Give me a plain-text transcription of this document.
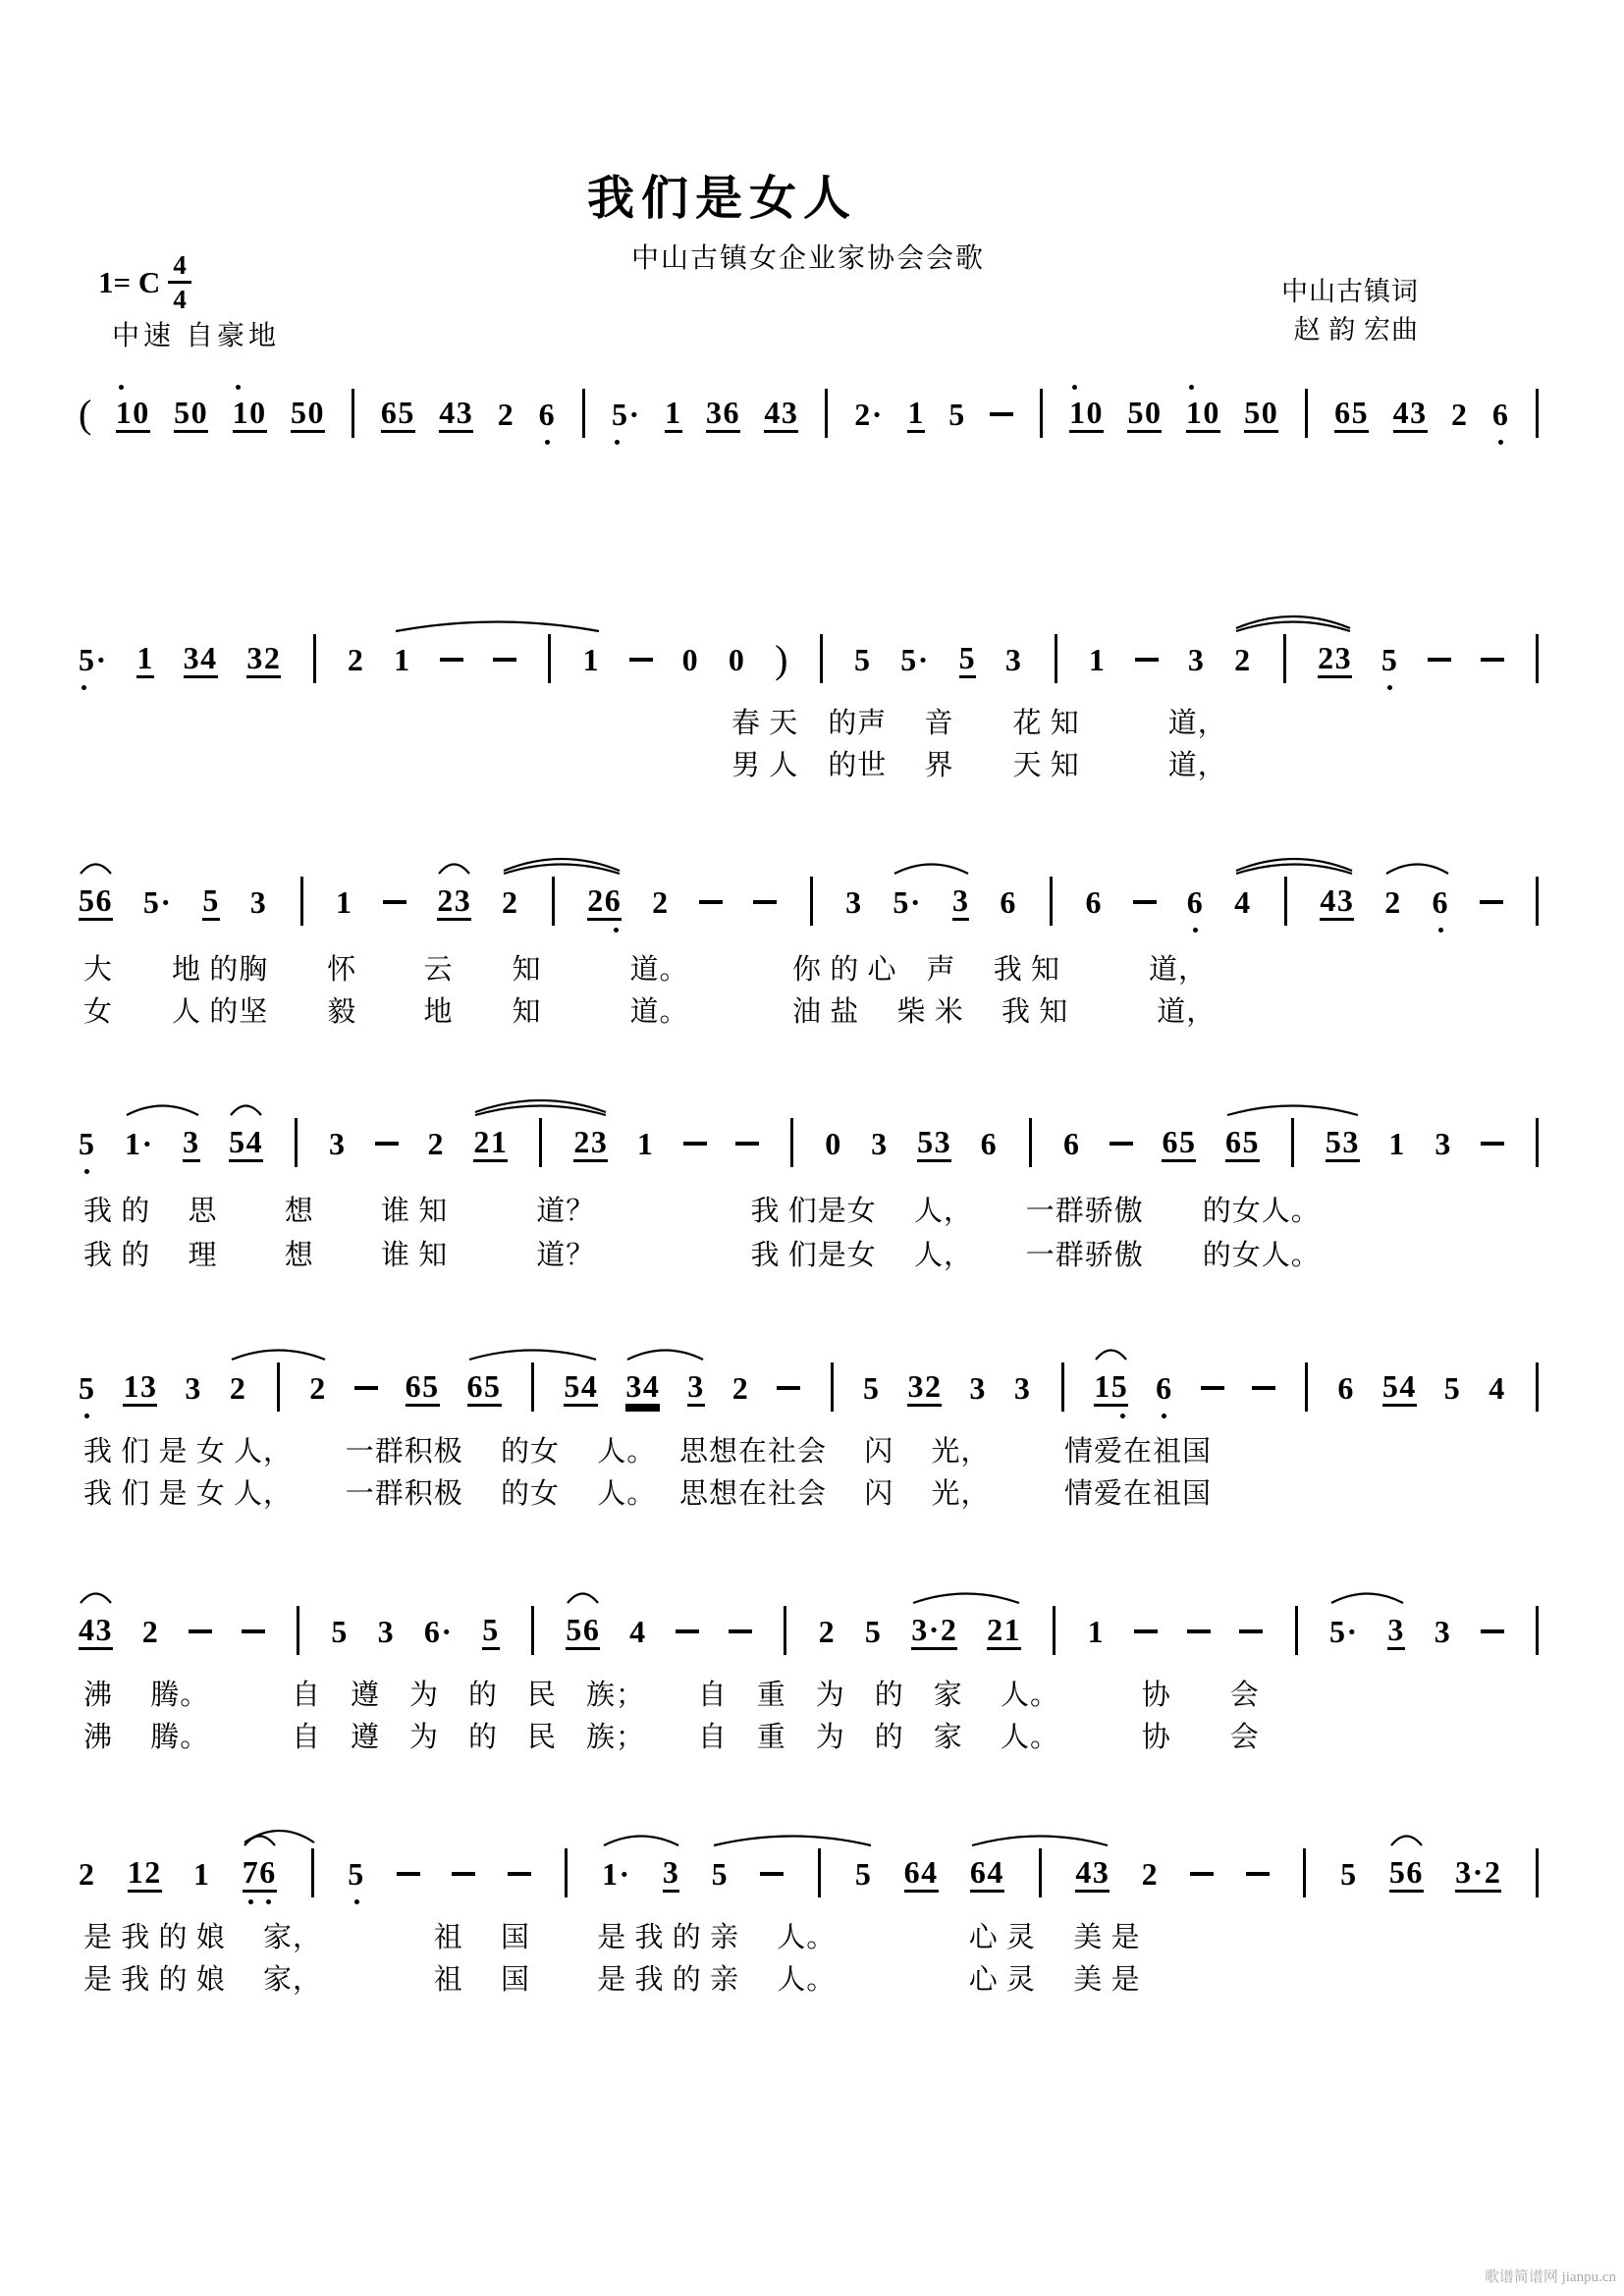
我们是女人
中山古镇女企业家协会会歌
1= C $\frac{4}{4}$
中速 自豪地
中山古镇词
赵 韵 宏曲
歌谱简谱网 jianpu.cn
( 10 50 10 50 65 43 2 6 5· 1 36 43 2· 1 5	10 50 10 50 65 43 2 6
5· 1 34 32 2 1	1	0 0 ) 5 5· 5 3 1	3 2 23 5
56 5· 5 3 1	23 2 26 2	3 5· 3 6 6	6 4 43 2 6
5 1· 3 54 3	2 21 23 1	0 3 53 6 6	65 65 53 1 3
5 13 3 2 2 65 65 54 34 3 2	5 32 3 3 15 6	6 54 5 4
43 2	5 3 6· 5 56 4	2 5 3·2 21 1	5· 3 3
2 12 1 76 5	1· 3 5	5 64 64 43 2	5 56 3·2
春 天　的声　 音　　花 知　　　道，
男 人　的世　 界　　天 知　　　道，
大　　地 的胸　　怀　　 云　　知　　　道。　　　　你 的 心　声　 我 知　　　道，
女　　人 的坚　　毅　　 地　　知　　　道。　　　　油 盐　 柴 米　 我 知　　　道，
我 的　 思　　 想　　 谁 知　　　道？　　　　　 我 们是女　 人，　　 一群骄傲　　的女人。
我 的　 理　　 想　　 谁 知　　　道？　　　　　 我 们是女　 人，　　 一群骄傲　　的女人。
我 们 是 女 人，　　 一群积极　 的女　 人。　 思想在社会　 闪　 光，　　　情爱在祖国
我 们 是 女 人，　　 一群积极　 的女　 人。　 思想在社会　 闪　 光，　　　情爱在祖国
沸　 腾。　　　 自　遵　为　的　民　族；　　 自　重　为　的　家　 人。　　　 协　　会
沸　 腾。　　　 自　遵　为　的　民　族；　　 自　重　为　的　家　 人。　　　 协　　会
是 我 的 娘　 家，　　　　 祖　 国　　 是 我 的 亲　 人。　　　　　心 灵　 美 是
是 我 的 娘　 家，　　　　 祖　 国　　 是 我 的 亲　 人。　　　　　心 灵　 美 是
